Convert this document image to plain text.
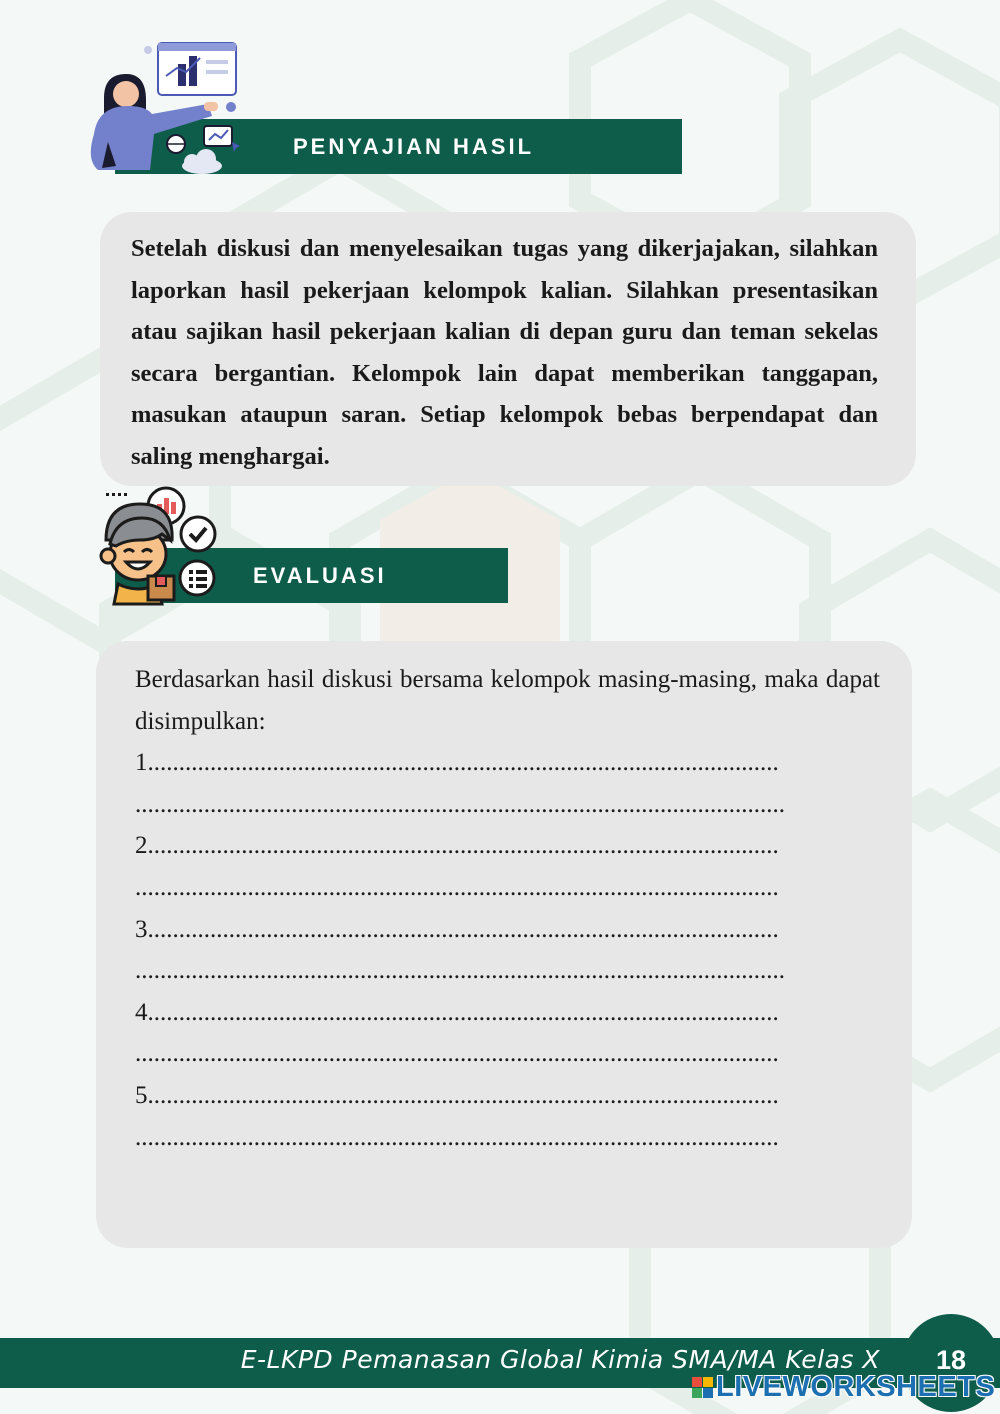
PENYAJIAN HASIL

Setelah diskusi dan menyelesaikan tugas yang dikerjajakan, silahkan laporkan hasil pekerjaan kelompok kalian. Silahkan presentasikan atau sajikan hasil pekerjaan kalian di depan guru dan teman sekelas secara bergantian. Kelompok lain dapat memberikan tanggapan, masukan ataupun saran. Setiap kelompok bebas berpendapat dan saling menghargai.

EVALUASI

Berdasarkan hasil diskusi bersama kelompok masing-masing, maka dapat disimpulkan:

1.....................................................................................................

........................................................................................................

2.....................................................................................................

.......................................................................................................

3.....................................................................................................

........................................................................................................

4.....................................................................................................

.......................................................................................................

5.....................................................................................................

.......................................................................................................

E-LKPD Pemanasan Global Kimia SMA/MA Kelas X 18
LIVEWORKSHEETS
